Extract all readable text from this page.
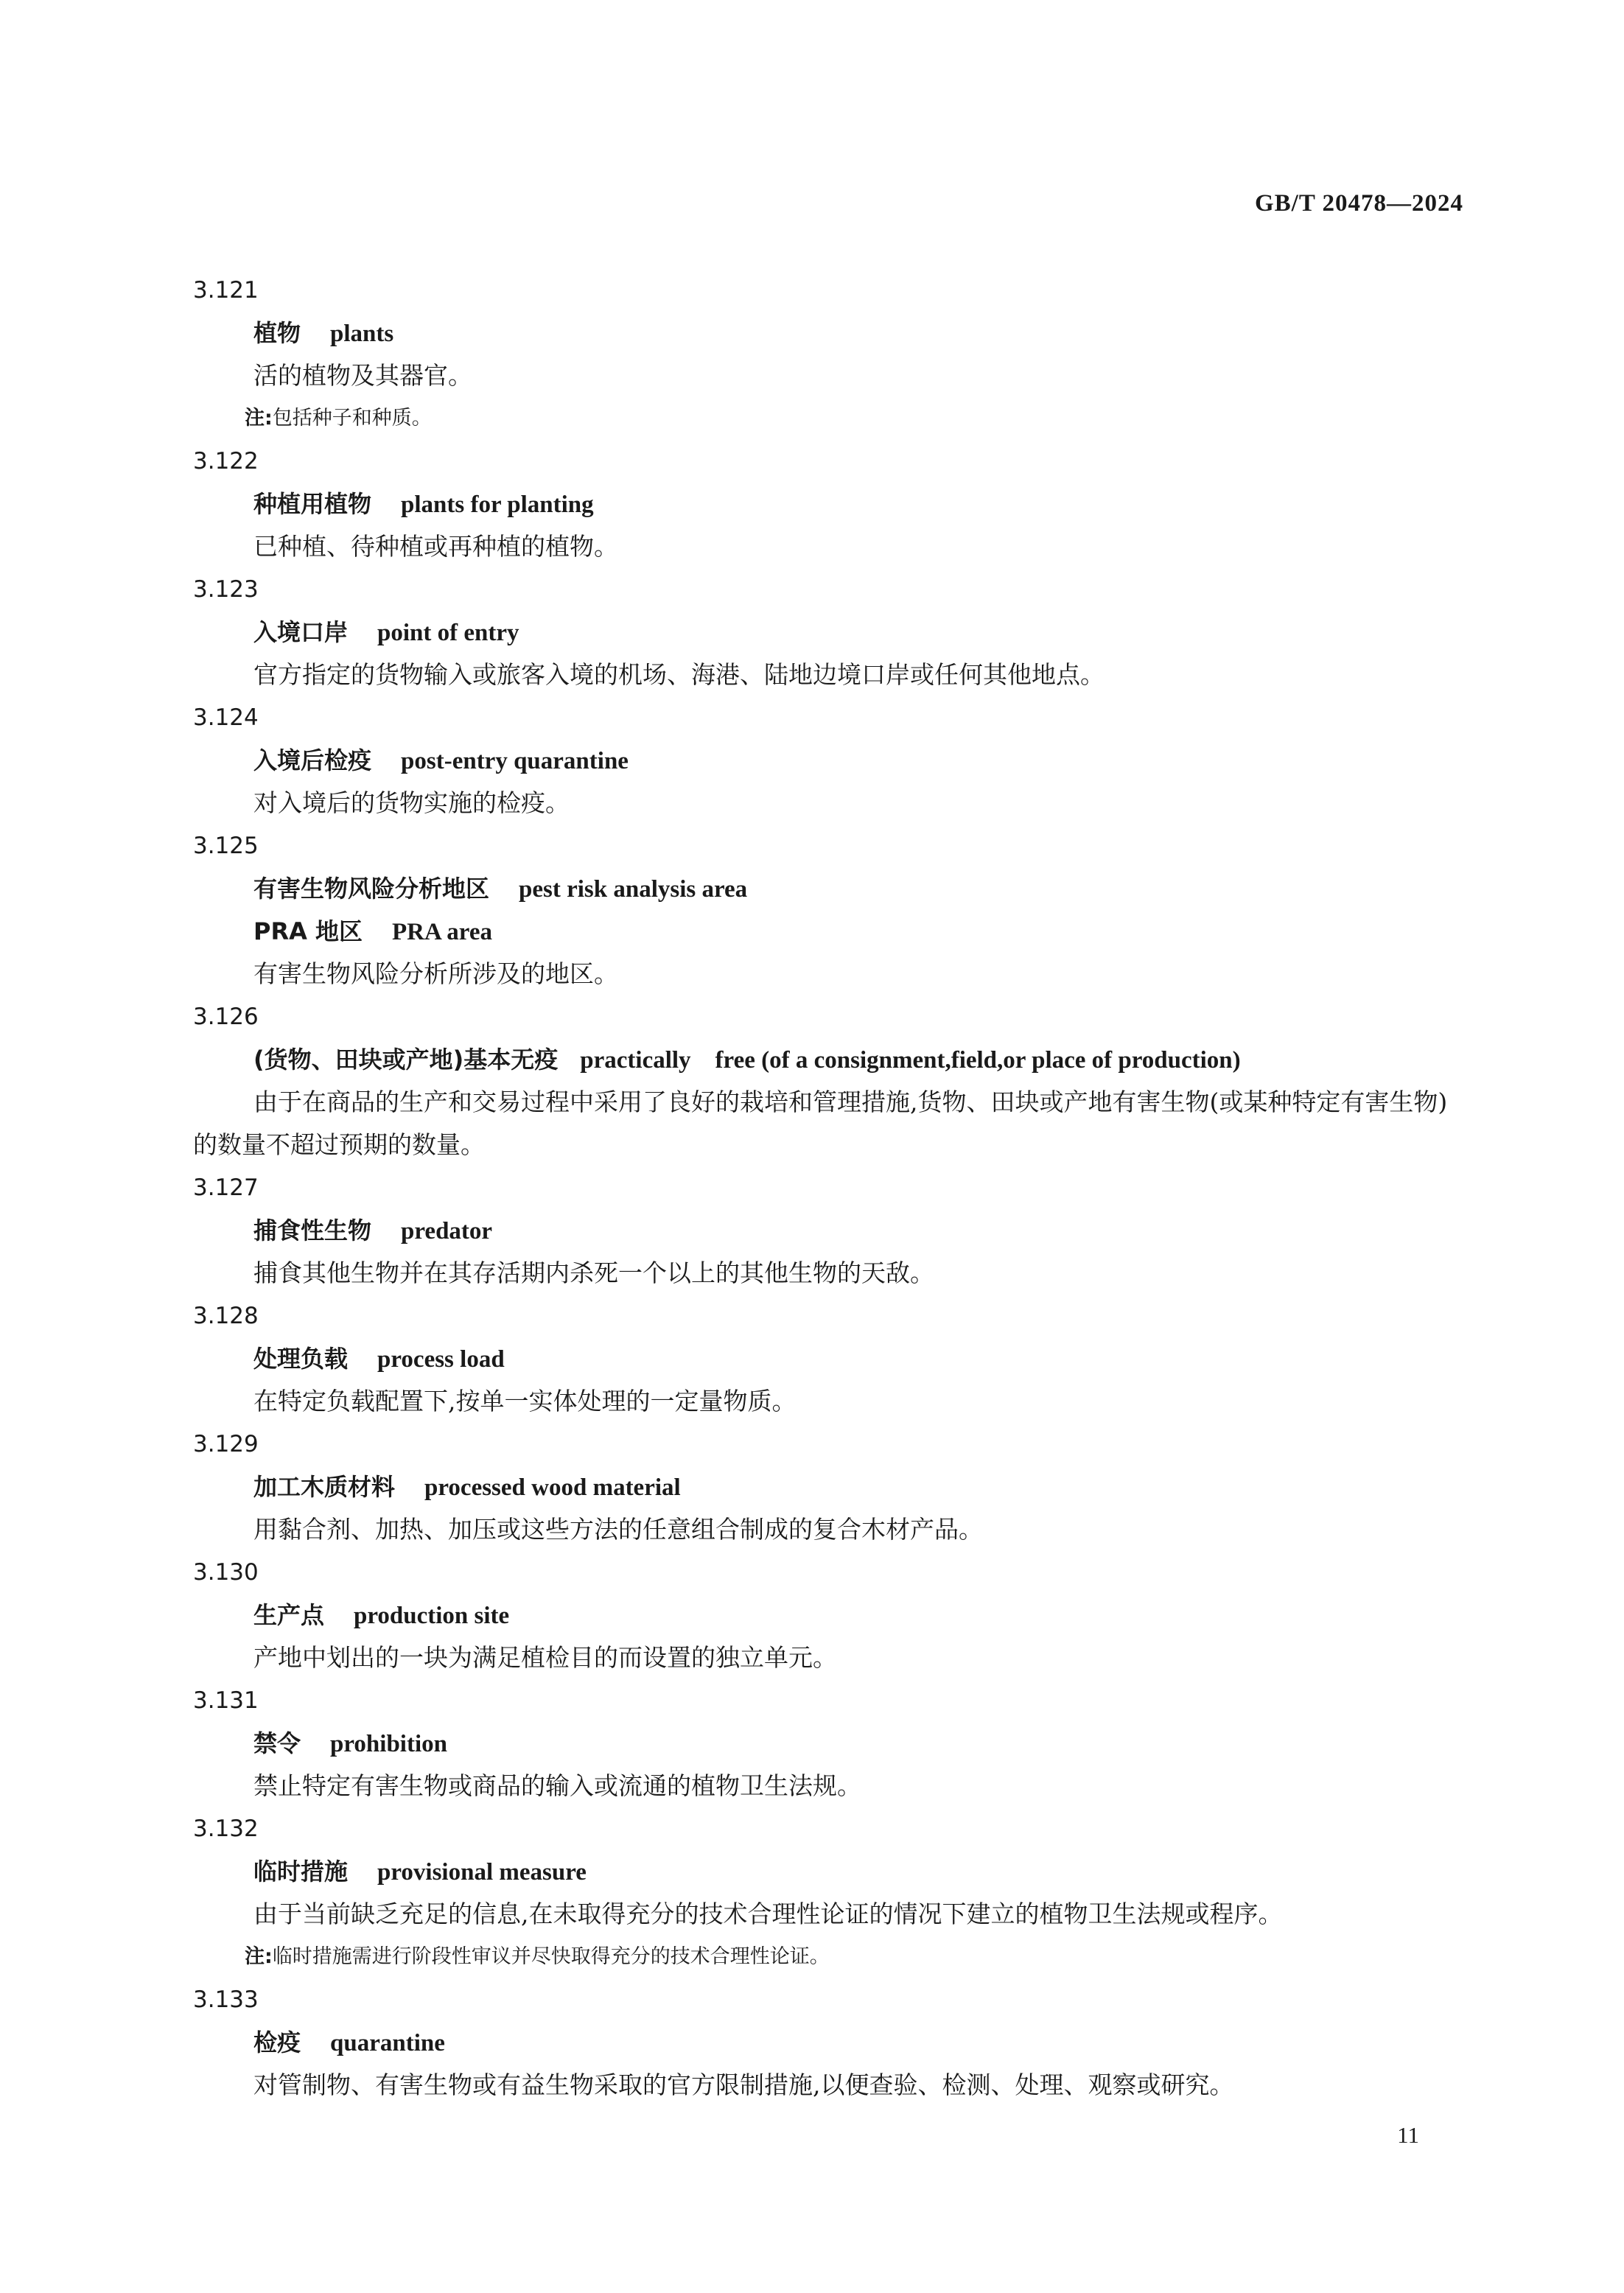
GB/T 20478—2024

3.121

植物 plants

活的植物及其器官。

注:包括种子和种质。

3.122

种植用植物 plants for planting

已种植、待种植或再种植的植物。

3.123

入境口岸 point of entry

官方指定的货物输入或旅客入境的机场、海港、陆地边境口岸或任何其他地点。

3.124

入境后检疫 post-entry quarantine

对入境后的货物实施的检疫。

3.125

有害生物风险分析地区 pest risk analysis area

PRA 地区 PRA area

有害生物风险分析所涉及的地区。

3.126

(货物、田块或产地)基本无疫 practically　free (of a consignment,field,or place of production)

由于在商品的生产和交易过程中采用了良好的栽培和管理措施,货物、田块或产地有害生物(或某种特定有害生物)的数量不超过预期的数量。

3.127

捕食性生物 predator

捕食其他生物并在其存活期内杀死一个以上的其他生物的天敌。

3.128

处理负载 process load

在特定负载配置下,按单一实体处理的一定量物质。

3.129

加工木质材料 processed wood material

用黏合剂、加热、加压或这些方法的任意组合制成的复合木材产品。

3.130

生产点 production site

产地中划出的一块为满足植检目的而设置的独立单元。

3.131

禁令 prohibition

禁止特定有害生物或商品的输入或流通的植物卫生法规。

3.132

临时措施 provisional measure

由于当前缺乏充足的信息,在未取得充分的技术合理性论证的情况下建立的植物卫生法规或程序。

注:临时措施需进行阶段性审议并尽快取得充分的技术合理性论证。

3.133

检疫 quarantine

对管制物、有害生物或有益生物采取的官方限制措施,以便查验、检测、处理、观察或研究。

11
